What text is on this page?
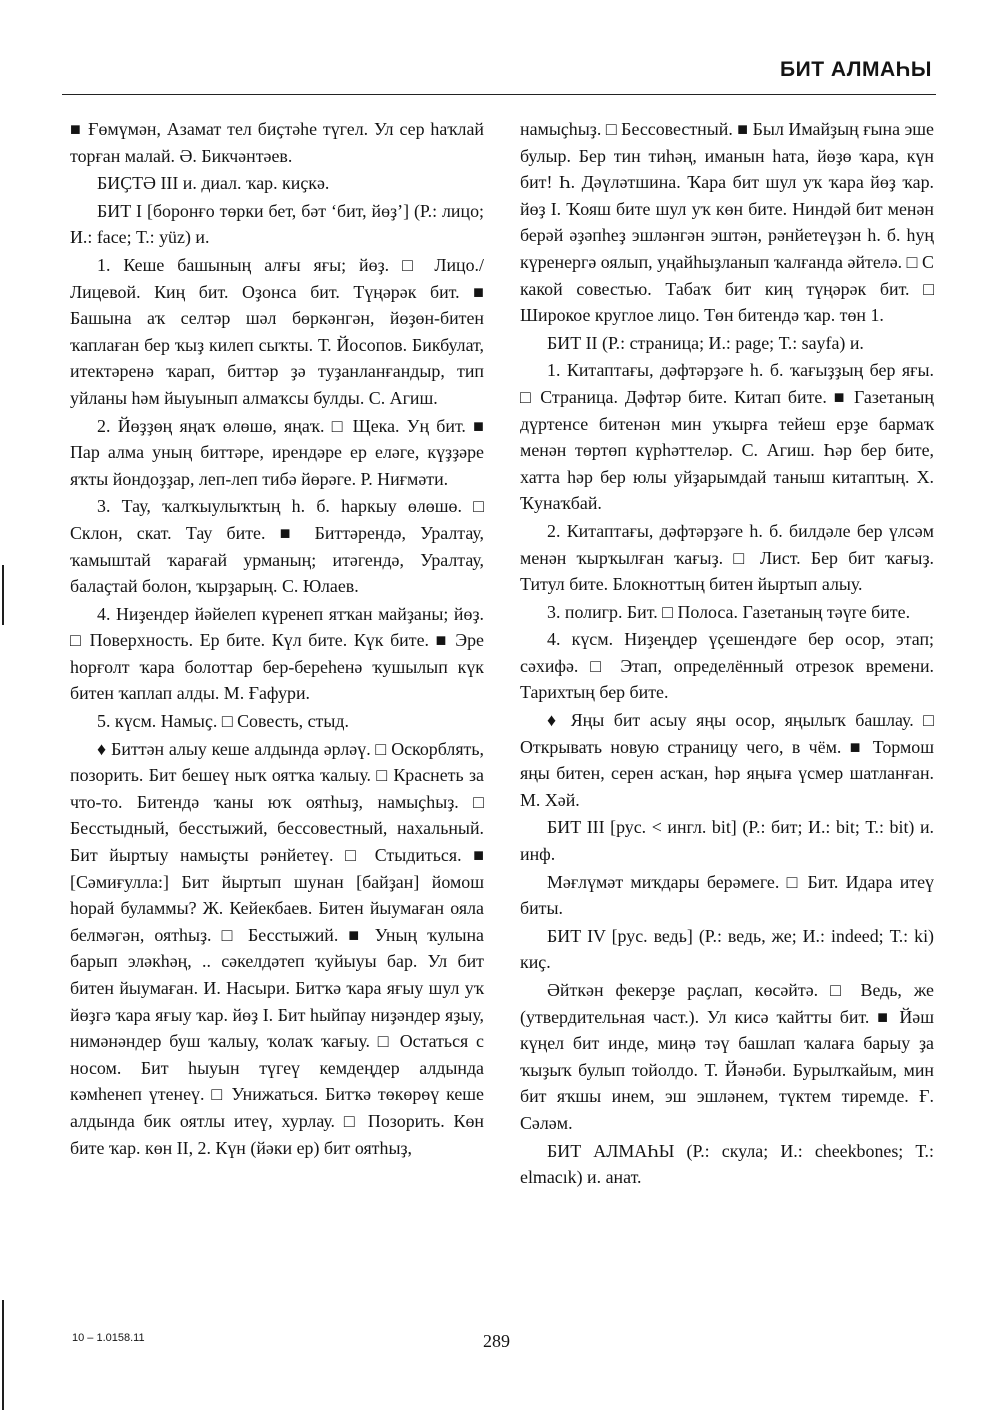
БИТ АЛМАҺЫ

■ Ғөмүмән, Азамат тел биҫтәһе түгел. Ул сер һаҡлай торған малай. Ә. Бикчәнтәев.

БИҪТӘ III и. диал. ҡар. киҫкә.

БИТ I [боронғо төрки бет, бәт ‘бит, йөҙ’] (Р.: лицо; И.: face; Т.: yüz) и.

1. Кеше башының алғы яғы; йөҙ. □ Лицо./ Лицевой. Киң бит. Оҙонса бит. Түңәрәк бит. ■ Башына аҡ селтәр шәл бөркәнгән, йөҙөн-битен ҡаплаған бер ҡыҙ килеп сыҡты. Т. Йосопов. Бикбулат, итектәренә ҡарап, биттәр ҙә туҙанланғандыр, тип уйланы һәм йыуынып алмаҡсы булды. С. Агиш.

2. Йөҙҙөң яңаҡ өлөшө, яңаҡ. □ Щека. Уң бит. ■ Пар алма уның биттәре, ирендәре ер еләге, күҙҙәре яҡты йондоҙҙар, леп-леп тибә йөрәге. Р. Ниғмәти.

3. Тау, ҡалҡыулыҡтың һ. б. һаркыу өлөшө. □ Склон, скат. Тау бите. ■ Биттәрендә, Уралтау, ҡамыштай ҡарағай урманың; итәгендә, Уралтау, балаҫтай болон, ҡырҙарың. С. Юлаев.

4. Ниҙендер йәйелеп күренеп ятҡан майҙаны; йөҙ. □ Поверхность. Ер бите. Күл бите. Күк бите. ■ Эре һорғолт ҡара болоттар бер-береһенә ҡушылып күк битен ҡаплап алды. М. Ғафури.

5. күсм. Намыҫ. □ Совесть, стыд.

♦ Биттән алыу кеше алдында әрләү. □ Оскорблять, позорить. Бит бешеү ныҡ оятҡа ҡалыу. □ Краснеть за что-то. Битендә ҡаны юҡ оятһыҙ, намыҫһыҙ. □ Бесстыдный, бесстыжий, бессовестный, нахальный. Бит йыртыу намыҫты рәнйетеү. □ Стыдиться. ■ [Сәмиғулла:] Бит йыртып шунан [байҙан] йомош һорай буламмы? Ж. Кейекбаев. Битен йыумаған ояла белмәгән, оятһыҙ. □ Бесстыжий. ■ Уның ҡулына барып эләкһәң, .. сәкелдәтеп ҡуйыуы бар. Ул бит битен йыумаған. И. Насыри. Битҡә ҡара яғыу шул уҡ йөҙгә ҡара яғыу ҡар. йөҙ I. Бит һыйпау ниҙәндер яҙыу, нимәнәндер буш ҡалыу, ҡолаҡ ҡағыу. □ Остаться с носом. Бит һыуын түгеү кемдеңдер алдында кәмһенеп үтенеү. □ Унижаться. Битҡә төкөрөү кеше алдында бик оятлы итеү, хурлау. □ Позорить. Көн бите ҡар. көн II, 2. Күн (йәки ер) бит оятһыҙ,

намыҫһыҙ. □ Бессовестный. ■ Был Имайҙың ғына эше булыр. Бер тин тиһәң, иманын һата, йөҙө ҡара, күн бит! Һ. Дәүләтшина. Ҡара бит шул уҡ ҡара йөҙ ҡар. йөҙ I. Ҡояш бите шул уҡ көн бите. Ниндәй бит менән берәй әҙәпһеҙ эшләнгән эштән, рәнйетеүҙән һ. б. һуң күренергә оялып, уңайһыҙланып ҡалғанда әйтелә. □ С какой совестью. Табаҡ бит киң түңәрәк бит. □ Широкое круглое лицо. Төн битендә ҡар. төн 1.

БИТ II (Р.: страница; И.: page; Т.: sayfa) и.

1. Китаптағы, дәфтәрҙәге һ. б. ҡағыҙҙың бер яғы. □ Страница. Дәфтәр бите. Китап бите. ■ Газетаның дүртенсе битенән мин уҡырға тейеш ерҙе бармаҡ менән төртөп күрһәттеләр. С. Агиш. Һәр бер бите, хатта һәр бер юлы уйҙарымдай таныш китаптың. Х. Ҡунаҡбай.

2. Китаптағы, дәфтәрҙәге һ. б. билдәле бер үлсәм менән ҡырҡылған ҡағыҙ. □ Лист. Бер бит ҡағыҙ. Титул бите. Блокноттың битен йыртып алыу.

3. полигр. Бит. □ Полоса. Газетаның тәүге бите.

4. күсм. Ниҙеңдер үҫешендәге бер осор, этап; сәхифә. □ Этап, определённый отрезок времени. Тарихтың бер бите.

♦ Яңы бит асыу яңы осор, яңылыҡ башлау. □ Открывать новую страницу чего, в чём. ■ Тормош яңы битен, серен асҡан, һәр яңыға үсмер шатланған. М. Хәй.

БИТ III [рус. < ингл. bit] (Р.: бит; И.: bit; Т.: bit) и. инф.

Мәғлүмәт миҡдары берәмеге. □ Бит. Идара итеү биты.

БИТ IV [рус. ведь] (Р.: ведь, же; И.: indeed; Т.: ki) киҫ.

Әйткән фекерҙе раҫлап, көсәйтә. □ Ведь, же (утвердительная част.). Ул кисә ҡайтты бит. ■ Йәш күңел бит инде, миңә тәү башлап ҡалаға барыу ҙа ҡыҙыҡ булып тойолдо. Т. Йәнәби. Бурылҡайым, мин бит яҡшы инем, эш эшләнем, түктем тиремде. Ғ. Сәләм.

БИТ АЛМАҺЫ (Р.: скула; И.: cheekbones; Т.: elmacık) и. анат.

10 – 1.0158.11	289
